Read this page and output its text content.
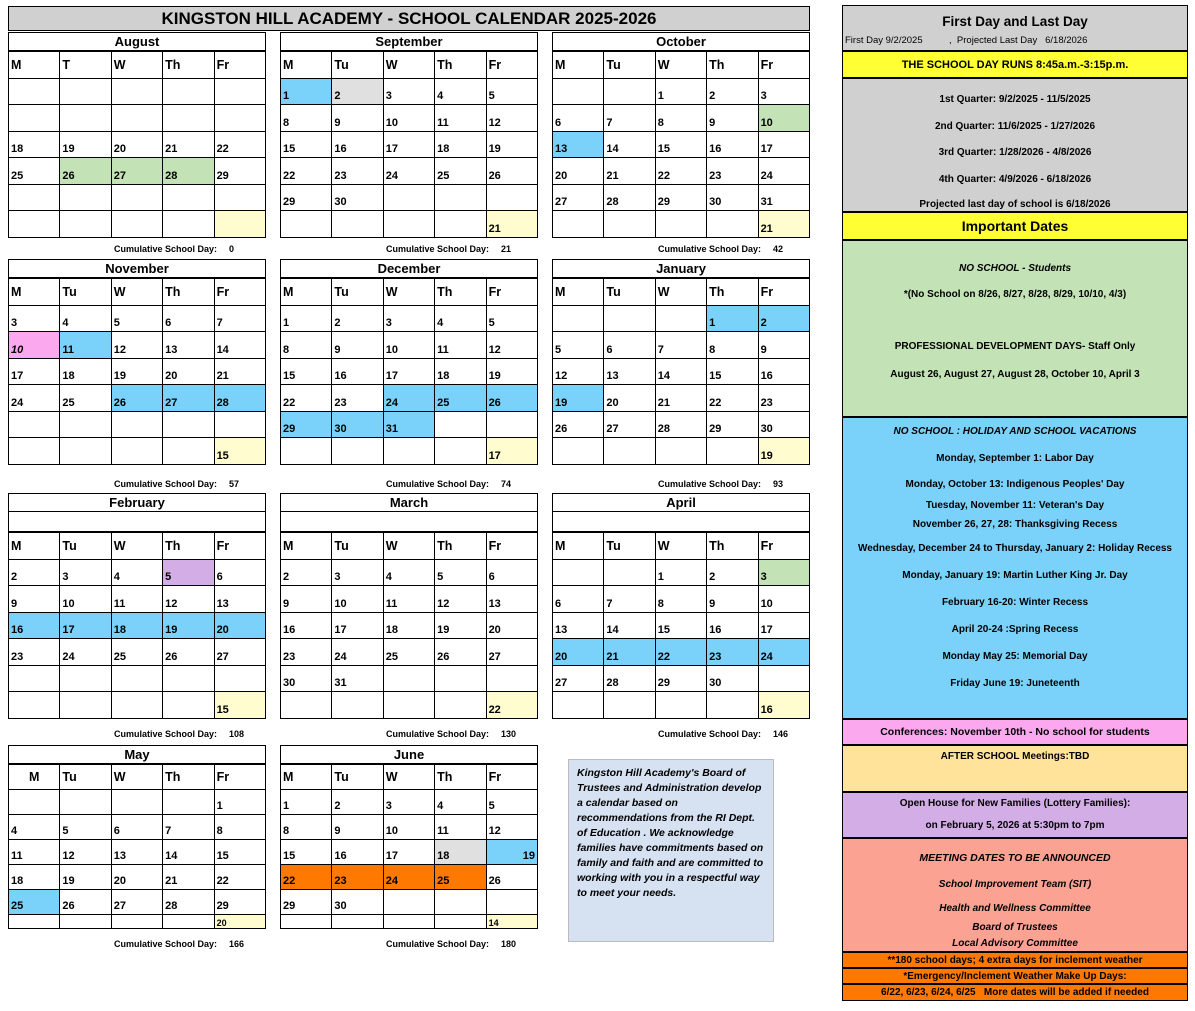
KINGSTON HILL ACADEMY - SCHOOL CALENDAR 2025-2026
August
M	T	W	Th	Fr

18	19	20	21	22
25	26	27	28	29

Cumulative School Day: 0
September
M	Tu	W	Th	Fr
1	2	3	4	5
8	9	10	11	12
15	16	17	18	19
22	23	24	25	26
29	30			
				21
Cumulative School Day: 21
October
M	Tu	W	Th	Fr
		1	2	3
6	7	8	9	10
13	14	15	16	17
20	21	22	23	24
27	28	29	30	31
				21
Cumulative School Day: 42
November
M	Tu	W	Th	Fr
3	4	5	6	7
10	11	12	13	14
17	18	19	20	21
24	25	26	27	28

				15
Cumulative School Day: 57
December
M	Tu	W	Th	Fr
1	2	3	4	5
8	9	10	11	12
15	16	17	18	19
22	23	24	25	26
29	30	31		
				17
Cumulative School Day: 74
January
M	Tu	W	Th	Fr
			1	2
5	6	7	8	9
12	13	14	15	16
19	20	21	22	23
26	27	28	29	30
				19
Cumulative School Day: 93
February
M	Tu	W	Th	Fr
2	3	4	5	6
9	10	11	12	13
16	17	18	19	20
23	24	25	26	27

				15
Cumulative School Day: 108
March
M	Tu	W	Th	Fr
2	3	4	5	6
9	10	11	12	13
16	17	18	19	20
23	24	25	26	27
30	31			
				22
Cumulative School Day: 130
April
M	Tu	W	Th	Fr
		1	2	3
6	7	8	9	10
13	14	15	16	17
20	21	22	23	24
27	28	29	30	
				16
Cumulative School Day: 146
May
M	Tu	W	Th	Fr
				1
4	5	6	7	8
11	12	13	14	15
18	19	20	21	22
25	26	27	28	29
				20
Cumulative School Day: 166
June
M	Tu	W	Th	Fr
1	2	3	4	5
8	9	10	11	12
15	16	17	18	19
22	23	24	25	26
29	30			
				14
Cumulative School Day: 180
Kingston Hill Academy's Board of Trustees and Administration develop a calendar based on recommendations from the RI Dept. of Education . We acknowledge families have commitments based on family and faith and are committed to working with you in a respectful way to meet your needs.
First Day and Last Day
First Day 9/2/2025          ,  Projected Last Day   6/18/2026
THE SCHOOL DAY RUNS 8:45a.m.-3:15p.m.

1st Quarter: 9/2/2025 - 11/5/2025

2nd Quarter: 11/6/2025 - 1/27/2026

3rd Quarter: 1/28/2026 - 4/8/2026

4th Quarter: 4/9/2026 - 6/18/2026

Projected last day of school is 6/18/2026

Important Dates

NO SCHOOL - Students

*(No School on 8/26, 8/27, 8/28, 8/29, 10/10, 4/3)

PROFESSIONAL DEVELOPMENT DAYS- Staff Only

August 26, August 27, August 28, October 10, April 3

NO SCHOOL : HOLIDAY AND SCHOOL VACATIONS

Monday, September 1: Labor Day

Monday, October 13: Indigenous Peoples' Day

Tuesday, November 11: Veteran's Day

November 26, 27, 28: Thanksgiving Recess

Wednesday, December 24 to Thursday, January 2: Holiday Recess

Monday, January 19: Martin Luther King Jr. Day

February 16-20: Winter Recess

April 20-24 :Spring Recess

Monday May 25: Memorial Day

Friday June 19: Juneteenth

Conferences: November 10th - No school for students

AFTER SCHOOL Meetings:TBD

Open House for New Families (Lottery Families):

on February 5, 2026 at 5:30pm to 7pm

MEETING DATES TO BE ANNOUNCED

School Improvement Team (SIT)

Health and Wellness Committee

Board of Trustees

Local Advisory Committee

**180 school days; 4 extra days for inclement weather
*Emergency/Inclement Weather Make Up Days:
6/22, 6/23, 6/24, 6/25   More dates will be added if needed
